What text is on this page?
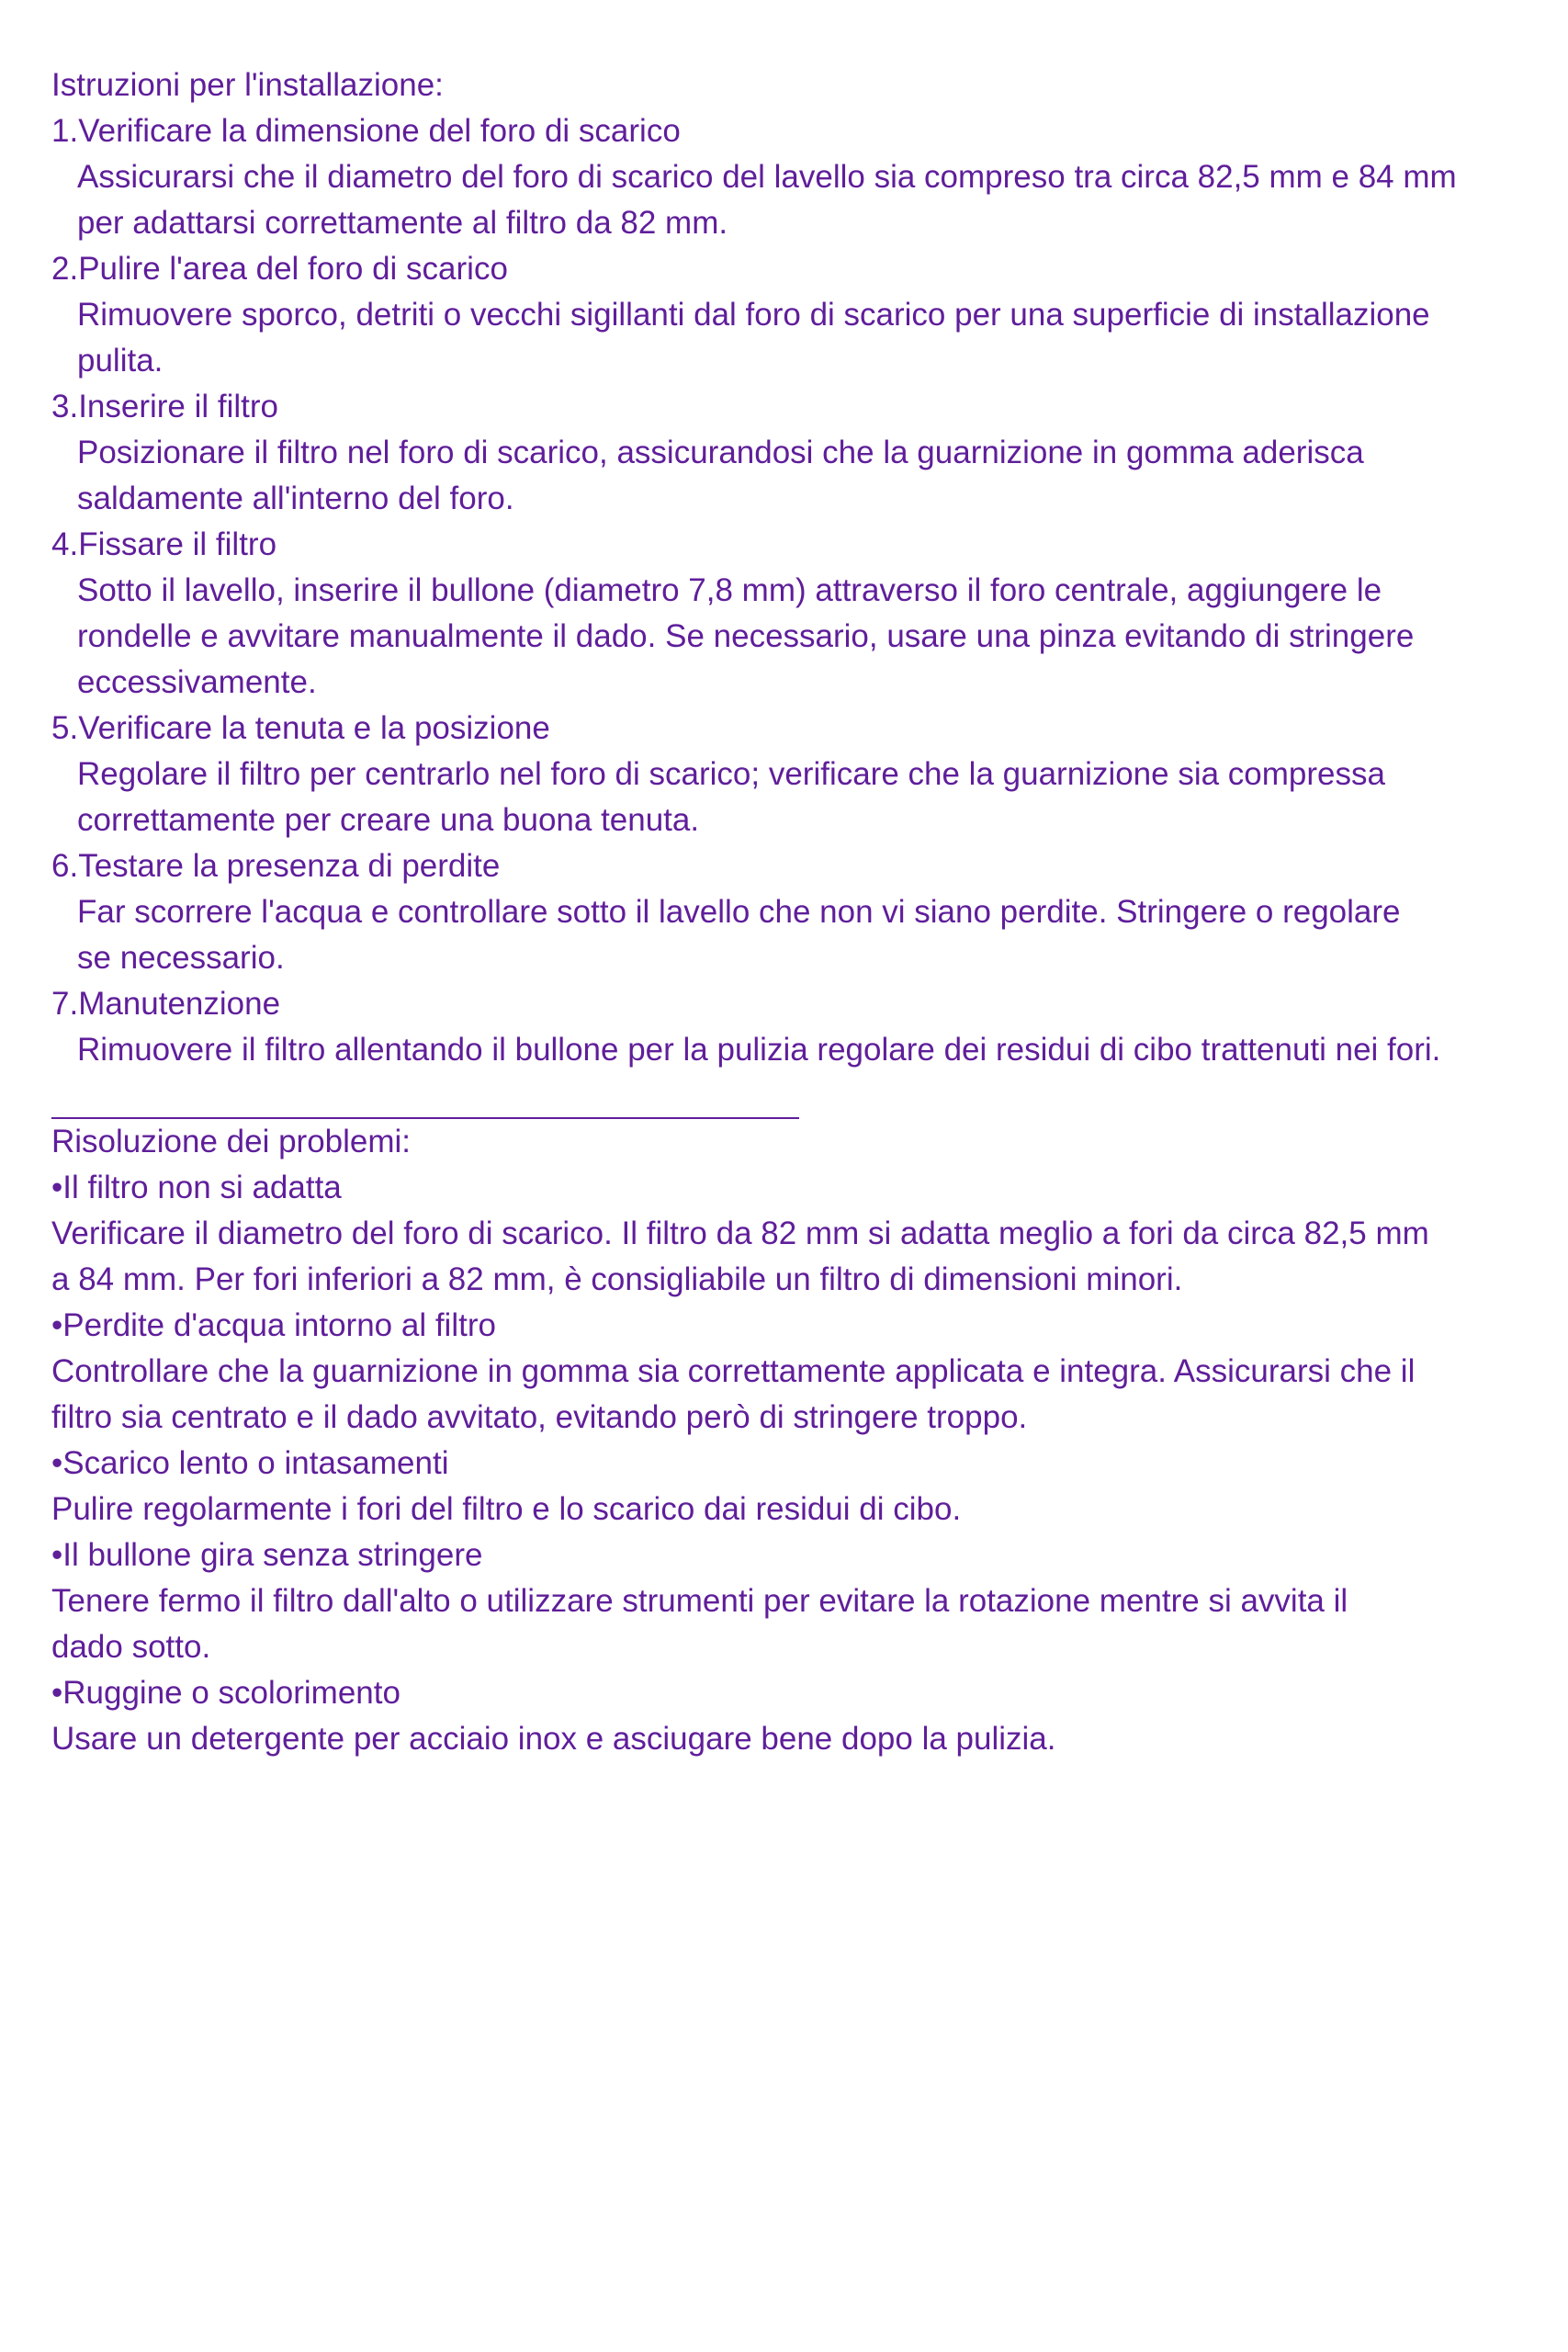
Istruzioni per l'installazione:

1.Verificare la dimensione del foro di scarico

Assicurarsi che il diametro del foro di scarico del lavello sia compreso tra circa 82,5 mm e 84 mm

per adattarsi correttamente al filtro da 82 mm.

2.Pulire l'area del foro di scarico

Rimuovere sporco, detriti o vecchi sigillanti dal foro di scarico per una superficie di installazione

pulita.

3.Inserire il filtro

Posizionare il filtro nel foro di scarico, assicurandosi che la guarnizione in gomma aderisca

saldamente all'interno del foro.

4.Fissare il filtro

Sotto il lavello, inserire il bullone (diametro 7,8 mm) attraverso il foro centrale, aggiungere le

rondelle e avvitare manualmente il dado. Se necessario, usare una pinza evitando di stringere

eccessivamente.

5.Verificare la tenuta e la posizione

Regolare il filtro per centrarlo nel foro di scarico; verificare che la guarnizione sia compressa

correttamente per creare una buona tenuta.

6.Testare la presenza di perdite

Far scorrere l'acqua e controllare sotto il lavello che non vi siano perdite. Stringere o regolare

se necessario.

7.Manutenzione

Rimuovere il filtro allentando il bullone per la pulizia regolare dei residui di cibo trattenuti nei fori.

Risoluzione dei problemi:

•Il filtro non si adatta

Verificare il diametro del foro di scarico. Il filtro da 82 mm si adatta meglio a fori da circa 82,5 mm

a 84 mm. Per fori inferiori a 82 mm, è consigliabile un filtro di dimensioni minori.

•Perdite d'acqua intorno al filtro

Controllare che la guarnizione in gomma sia correttamente applicata e integra. Assicurarsi che il

filtro sia centrato e il dado avvitato, evitando però di stringere troppo.

•Scarico lento o intasamenti

Pulire regolarmente i fori del filtro e lo scarico dai residui di cibo.

•Il bullone gira senza stringere

Tenere fermo il filtro dall'alto o utilizzare strumenti per evitare la rotazione mentre si avvita il

dado sotto.

•Ruggine o scolorimento

Usare un detergente per acciaio inox e asciugare bene dopo la pulizia.
